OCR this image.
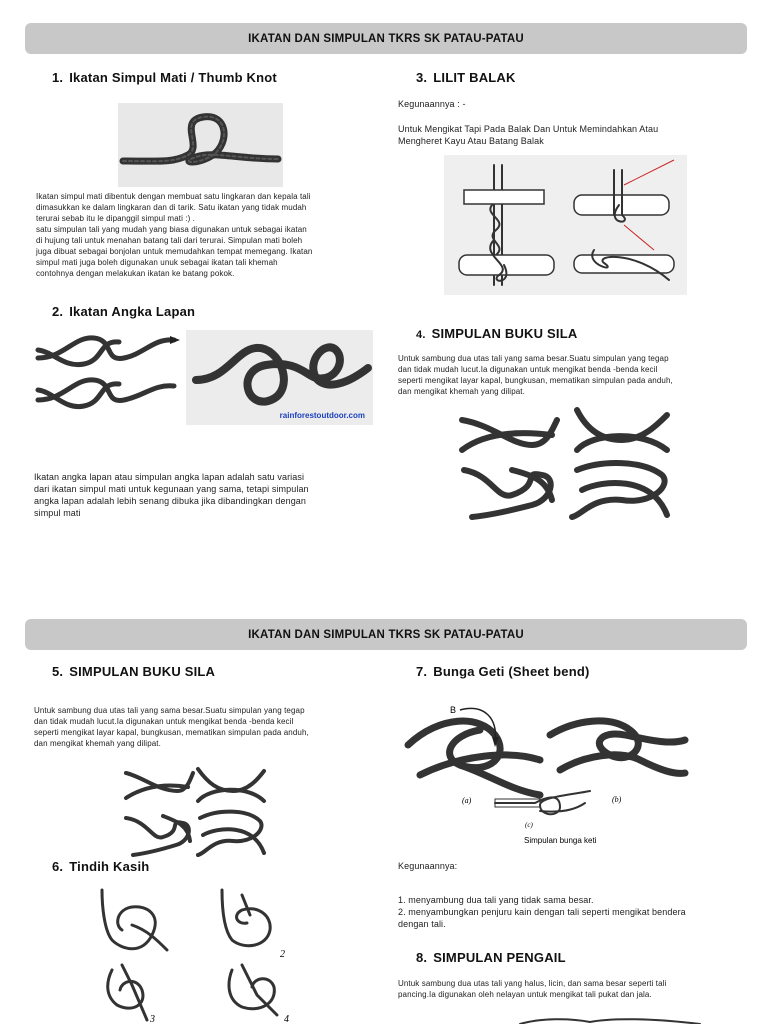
IKATAN DAN SIMPULAN TKRS SK PATAU-PATAU
1. Ikatan Simpul Mati / Thumb Knot
Ikatan simpul mati dibentuk dengan membuat satu lingkaran dan kepala tali
dimasukkan ke dalam lingkaran dan di tarik. Satu ikatan yang tidak mudah
terurai sebab itu le dipanggil simpul mati :) .
satu simpulan tali yang mudah yang biasa digunakan untuk sebagai ikatan
di hujung tali untuk menahan batang tali dari terurai. Simpulan mati boleh
juga dibuat sebagai bonjolan untuk memudahkan tempat memegang. Ikatan
simpul mati juga boleh digunakan unuk sebagai ikatan tali khemah
contohnya dengan melakukan ikatan ke batang pokok.
2. Ikatan Angka Lapan
rainforestoutdoor.com
Ikatan angka lapan atau simpulan angka lapan adalah satu variasi
dari ikatan simpul mati untuk kegunaan yang sama, tetapi simpulan
angka lapan adalah lebih senang dibuka jika dibandingkan dengan
simpul mati
3. LILIT BALAK
Kegunaannya : -
Untuk Mengikat Tapi Pada Balak Dan Untuk Memindahkan Atau
Mengheret Kayu Atau Batang Balak
4. SIMPULAN BUKU SILA
Untuk sambung dua utas tali yang sama besar.Suatu simpulan yang tegap
dan tidak mudah lucut.Ia digunakan untuk mengikat benda -benda kecil
seperti mengikat layar kapal, bungkusan, mematikan simpulan pada anduh,
dan mengikat khemah yang dilipat.
IKATAN DAN SIMPULAN TKRS SK PATAU-PATAU
5. SIMPULAN BUKU SILA
Untuk sambung dua utas tali yang sama besar.Suatu simpulan yang tegap
dan tidak mudah lucut.Ia digunakan untuk mengikat benda -benda kecil
seperti mengikat layar kapal, bungkusan, mematikan simpulan pada anduh,
dan mengikat khemah yang dilipat.
6. Tindih Kasih
2
3	4
7. Bunga Geti (Sheet bend)
B
(a)	(b)
(c)
Simpulan bunga keti
Kegunaannya:
1. menyambung dua tali yang tidak sama besar.
2. menyambungkan penjuru kain dengan tali seperti mengikat bendera
dengan tali.
8. SIMPULAN PENGAIL
Untuk sambung dua utas tali yang halus, licin, dan sama besar seperti tali
pancing.Ia digunakan oleh nelayan untuk mengikat tali pukat dan jala.
